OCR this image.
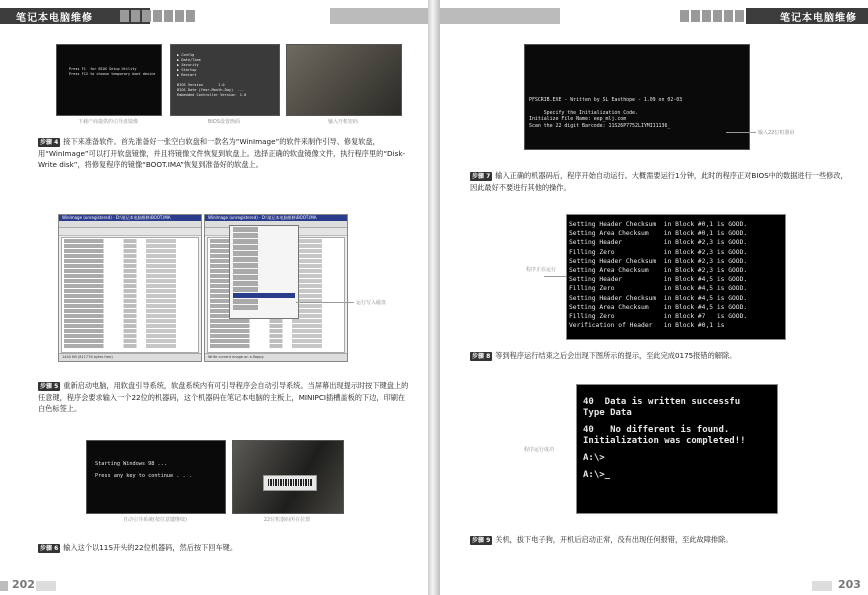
笔记本电脑维修
Press F1  for BIOS Setup Utility
Press F12 to choose temporary boot device
▶ Config
▶ Date/Time
▶ Security
▶ Startup
▶ Restart

BIOS Version       1.0
BIOS Date (Year-Month-Day)  ...
Embedded Controller Version  1.0
下载产商提供的引导盘镜像	BIOS设置画面	输入开机密码
步骤 4 接下来准备软件。首先准备好一张空白软盘和一款名为“WinImage”的软件来制作引导、修复软盘，用“WinImage”可以打开软盘镜像，并且将镜像文件恢复到软盘上。选择正确的软盘镜像文件，执行程序里的“Disk-Write disk”，将修复程序的镜像“BOOT.IMA”恢复到准备好的软盘上。
WinImage (unregistered) - D:\笔记本电脑维修\BOOT.IMA
1440 KB (811776 bytes free)
WinImage (unregistered) - D:\笔记本电脑维修\BOOT.IMA
Write current image on a floppy
运行写入磁盘
步骤 5 重新启动电脑，用软盘引导系统，软盘系统内有可引导程序会自动引导系统。当屏幕出现提示时按下键盘上的任意键，程序会要求输入一个22位的机器码，这个机器码在笔记本电脑的主板上，MINIPCI插槽盖板的下边，印刷在白色标签上。
Starting Windows 98 ...

Press any key to continue . . .
自动引导系统(按任意键继续)	22位机器码所在位置
步骤 6 输入这个以11S开头的22位机器码，然后按下回车键。
202
笔记本电脑维修
PFSCRIB.EXE - Written by SL Easthope - 1.09 on 02-03

Specify the Initialization Code.
Initialize File Name: eep_mlj.com
Scan the 22 digit Barcode: 11S26P7752LIYMI11136_
输入22位机器码
步骤 7 输入正确的机器码后，程序开始自动运行。大概需要运行1分钟，此时的程序正对BIOS中的数据进行一些修改，因此最好不要进行其他的操作。
Setting Header Checksum  in Block #0,1 is GOOD.
Setting Area Checksum    in Block #0,1 is GOOD.
Setting Header           in Block #2,3 is GOOD.
Filling Zero             in Block #2,3 is GOOD.
Setting Header Checksum  in Block #2,3 is GOOD.
Setting Area Checksum    in Block #2,3 is GOOD.
Setting Header           in Block #4,5 is GOOD.
Filling Zero             in Block #4,5 is GOOD.
Setting Header Checksum  in Block #4,5 is GOOD.
Setting Area Checksum    in Block #4,5 is GOOD.
Filling Zero             in Block #7   is GOOD.
Verification of Header   in Block #0,1 is
程序正在运行
步骤 8 等到程序运行结束之后会出现下图所示的提示，至此完成0175报错的解除。
40  Data is written successfu
Type Data
40   No different is found.
Initialization was completed!!
A:\>
A:\>_
程序运行成功
步骤 9 关机，拔下电子狗，开机后启动正常，没有出现任何报错，至此故障排除。
203
